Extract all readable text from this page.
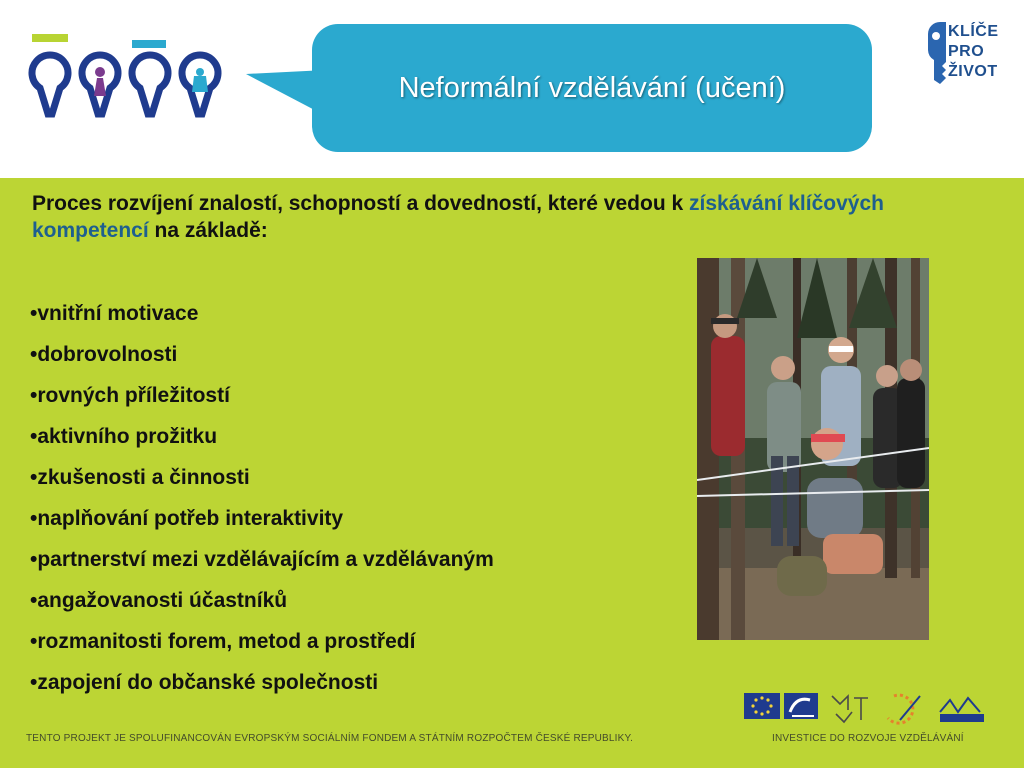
Neformální vzdělávání (učení)
KLÍČE
PRO
ŽIVOT
Proces rozvíjení znalostí, schopností a dovedností, které vedou k získávání klíčových kompetencí na základě:
•vnitřní motivace
•dobrovolnosti
•rovných příležitostí
•aktivního prožitku
•zkušenosti a činnosti
•naplňování potřeb interaktivity
•partnerství mezi vzdělávajícím a vzdělávaným
•angažovanosti účastníků
•rozmanitosti forem, metod a prostředí
•zapojení do občanské společnosti
TENTO PROJEKT JE SPOLUFINANCOVÁN EVROPSKÝM SOCIÁLNÍM FONDEM A STÁTNÍM ROZPOČTEM ČESKÉ REPUBLIKY.	INVESTICE DO ROZVOJE VZDĚLÁVÁNÍ
